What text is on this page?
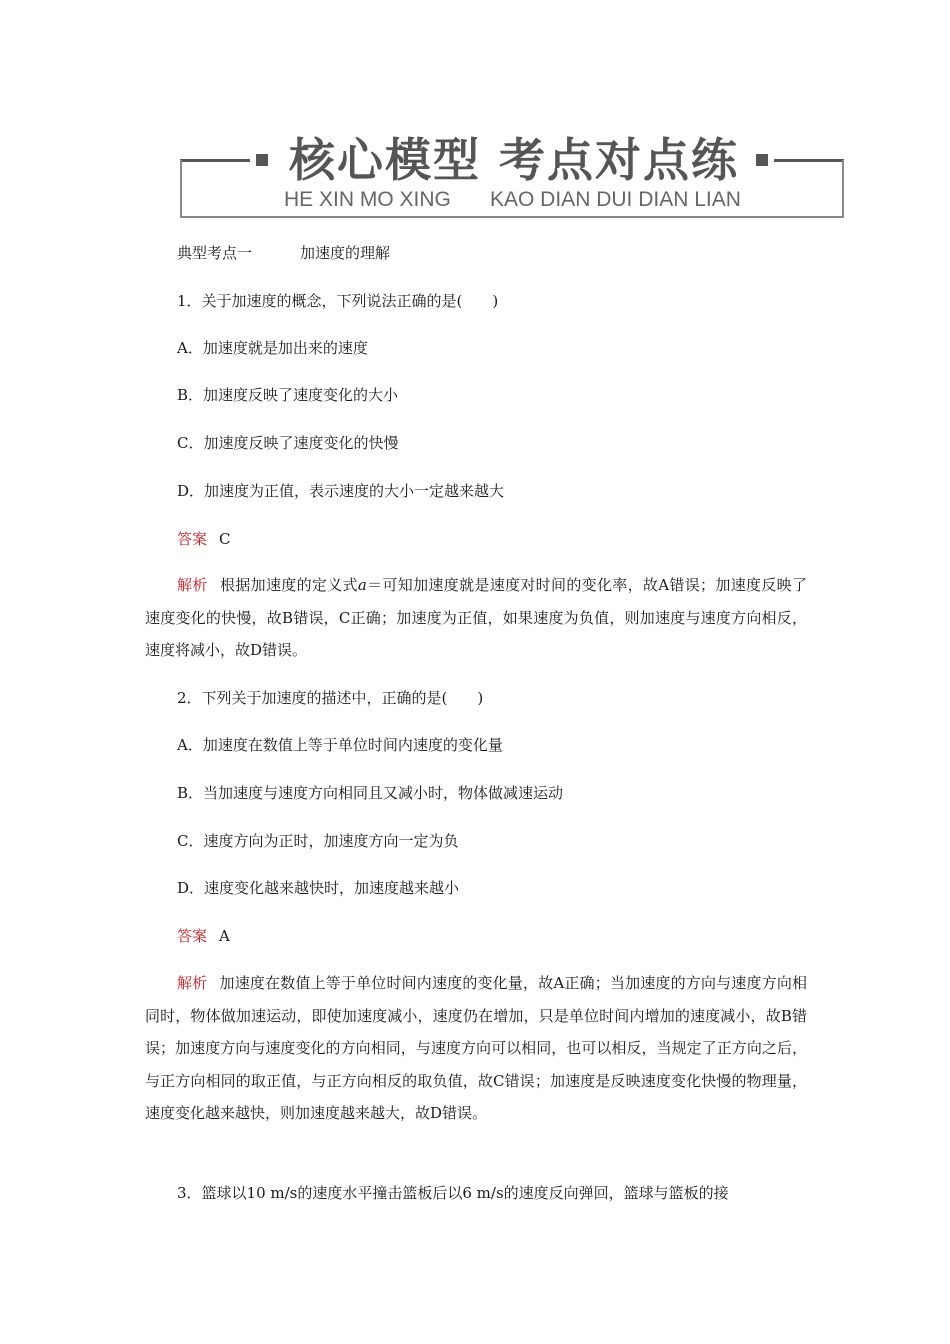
核心模型 考点对点练
HE XIN MO XING KAO DIAN DUI DIAN LIAN
典型考点一	加速度的理解
1．关于加速度的概念，下列说法正确的是(　　)
A．加速度就是加出来的速度
B．加速度反映了速度变化的大小
C．加速度反映了速度变化的快慢
D．加速度为正值，表示速度的大小一定越来越大
答案 C

解析 根据加速度的定义式a＝可知加速度就是速度对时间的变化率，故A错误；加速度反映了速度变化的快慢，故B错误，C正确；加速度为正值，如果速度为负值，则加速度与速度方向相反，速度将减小，故D错误。

2．下列关于加速度的描述中，正确的是(　　)
A．加速度在数值上等于单位时间内速度的变化量
B．当加速度与速度方向相同且又减小时，物体做减速运动
C．速度方向为正时，加速度方向一定为负
D．速度变化越来越快时，加速度越来越小
答案 A

解析 加速度在数值上等于单位时间内速度的变化量，故A正确；当加速度的方向与速度方向相同时，物体做加速运动，即使加速度减小，速度仍在增加，只是单位时间内增加的速度减小，故B错误；加速度方向与速度变化的方向相同，与速度方向可以相同，也可以相反，当规定了正方向之后，与正方向相同的取正值，与正方向相反的取负值，故C错误；加速度是反映速度变化快慢的物理量，速度变化越来越快，则加速度越来越大，故D错误。

3．篮球以10 m/s的速度水平撞击篮板后以6 m/s的速度反向弹回，篮球与篮板的接
